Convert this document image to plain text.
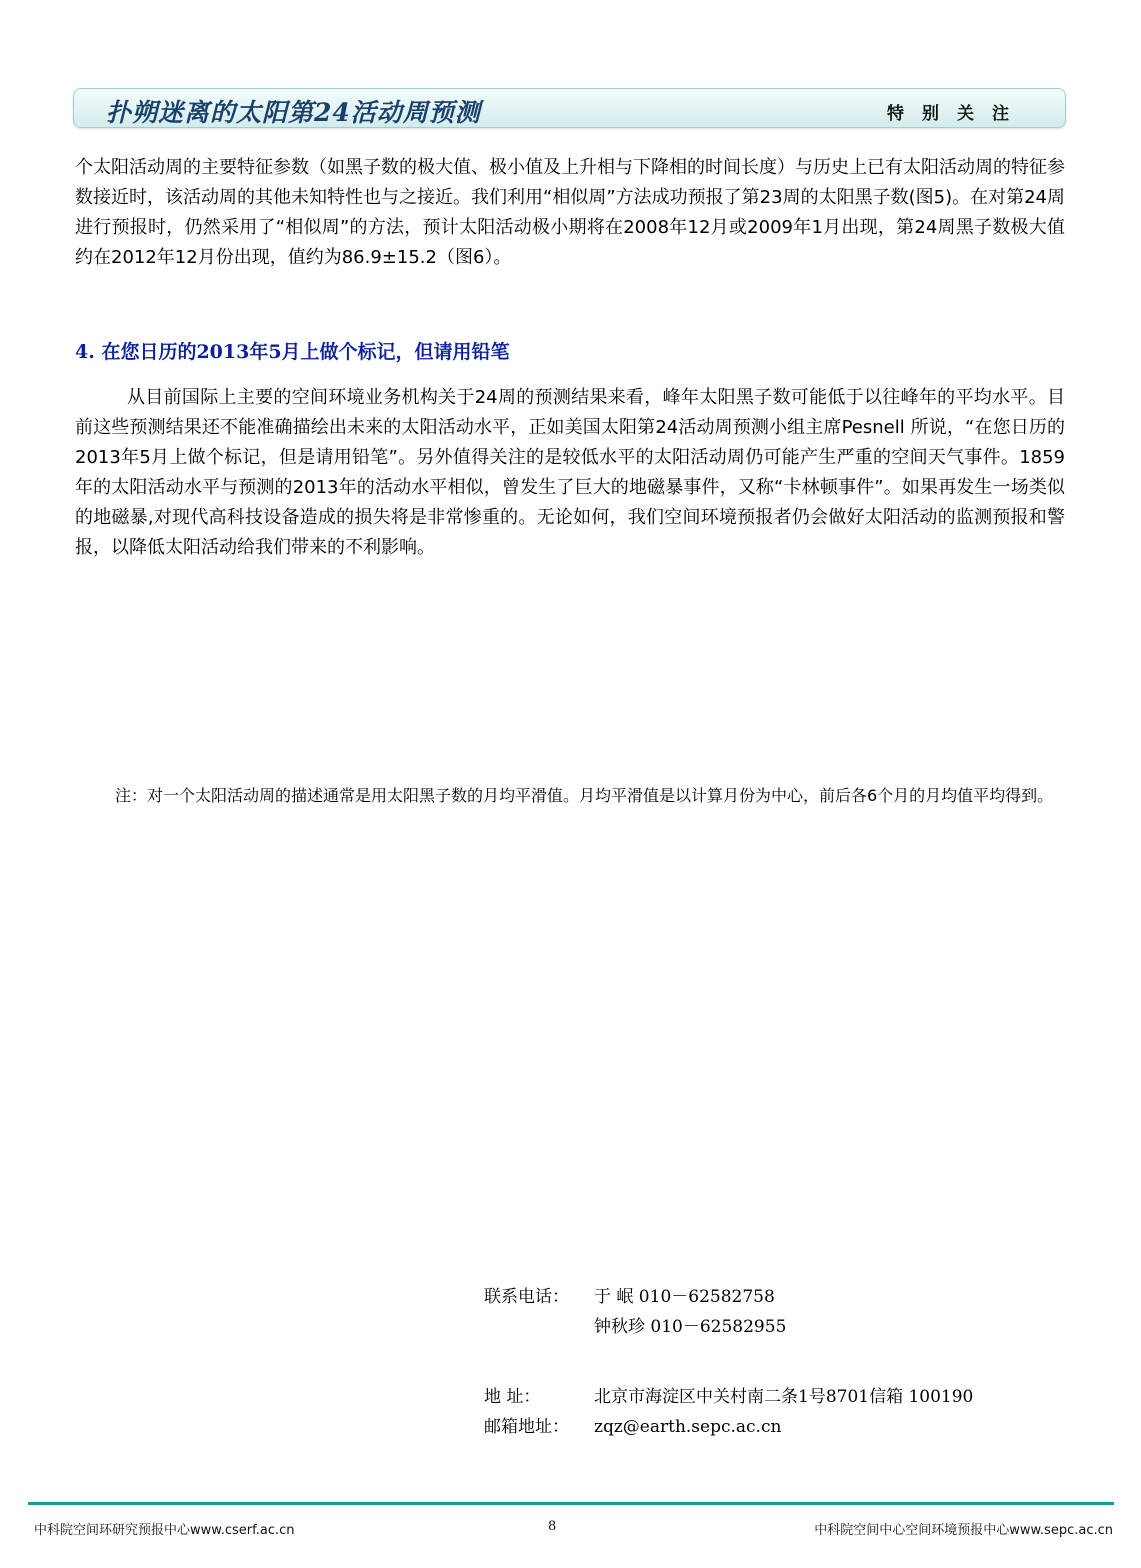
扑朔迷离的太阳第24活动周预测	特别关注

个太阳活动周的主要特征参数（如黑子数的极大值、极小值及上升相与下降相的时间长度）与历史上已有太阳活动周的特征参数接近时，该活动周的其他未知特性也与之接近。我们利用“相似周”方法成功预报了第23周的太阳黑子数(图5)。在对第24周进行预报时，仍然采用了“相似周”的方法，预计太阳活动极小期将在2008年12月或2009年1月出现，第24周黑子数极大值约在2012年12月份出现，值约为86.9±15.2（图6）。

4. 在您日历的2013年5月上做个标记，但请用铅笔

从目前国际上主要的空间环境业务机构关于24周的预测结果来看，峰年太阳黑子数可能低于以往峰年的平均水平。目前这些预测结果还不能准确描绘出未来的太阳活动水平，正如美国太阳第24活动周预测小组主席Pesnell 所说，“在您日历的2013年5月上做个标记，但是请用铅笔”。另外值得关注的是较低水平的太阳活动周仍可能产生严重的空间天气事件。1859年的太阳活动水平与预测的2013年的活动水平相似，曾发生了巨大的地磁暴事件，又称“卡林顿事件”。如果再发生一场类似的地磁暴,对现代高科技设备造成的损失将是非常惨重的。无论如何，我们空间环境预报者仍会做好太阳活动的监测预报和警报，以降低太阳活动给我们带来的不利影响。

注：对一个太阳活动周的描述通常是用太阳黑子数的月均平滑值。月均平滑值是以计算月份为中心，前后各6个月的月均值平均得到。

联系电话： 于 岷 010－62582758
钟秋珍 010－62582955
地 址：	北京市海淀区中关村南二条1号8701信箱 100190
邮箱地址： zqz@earth.sepc.ac.cn
中科院空间环研究预报中心www.cserf.ac.cn	8	中科院空间中心空间环境预报中心www.sepc.ac.cn
